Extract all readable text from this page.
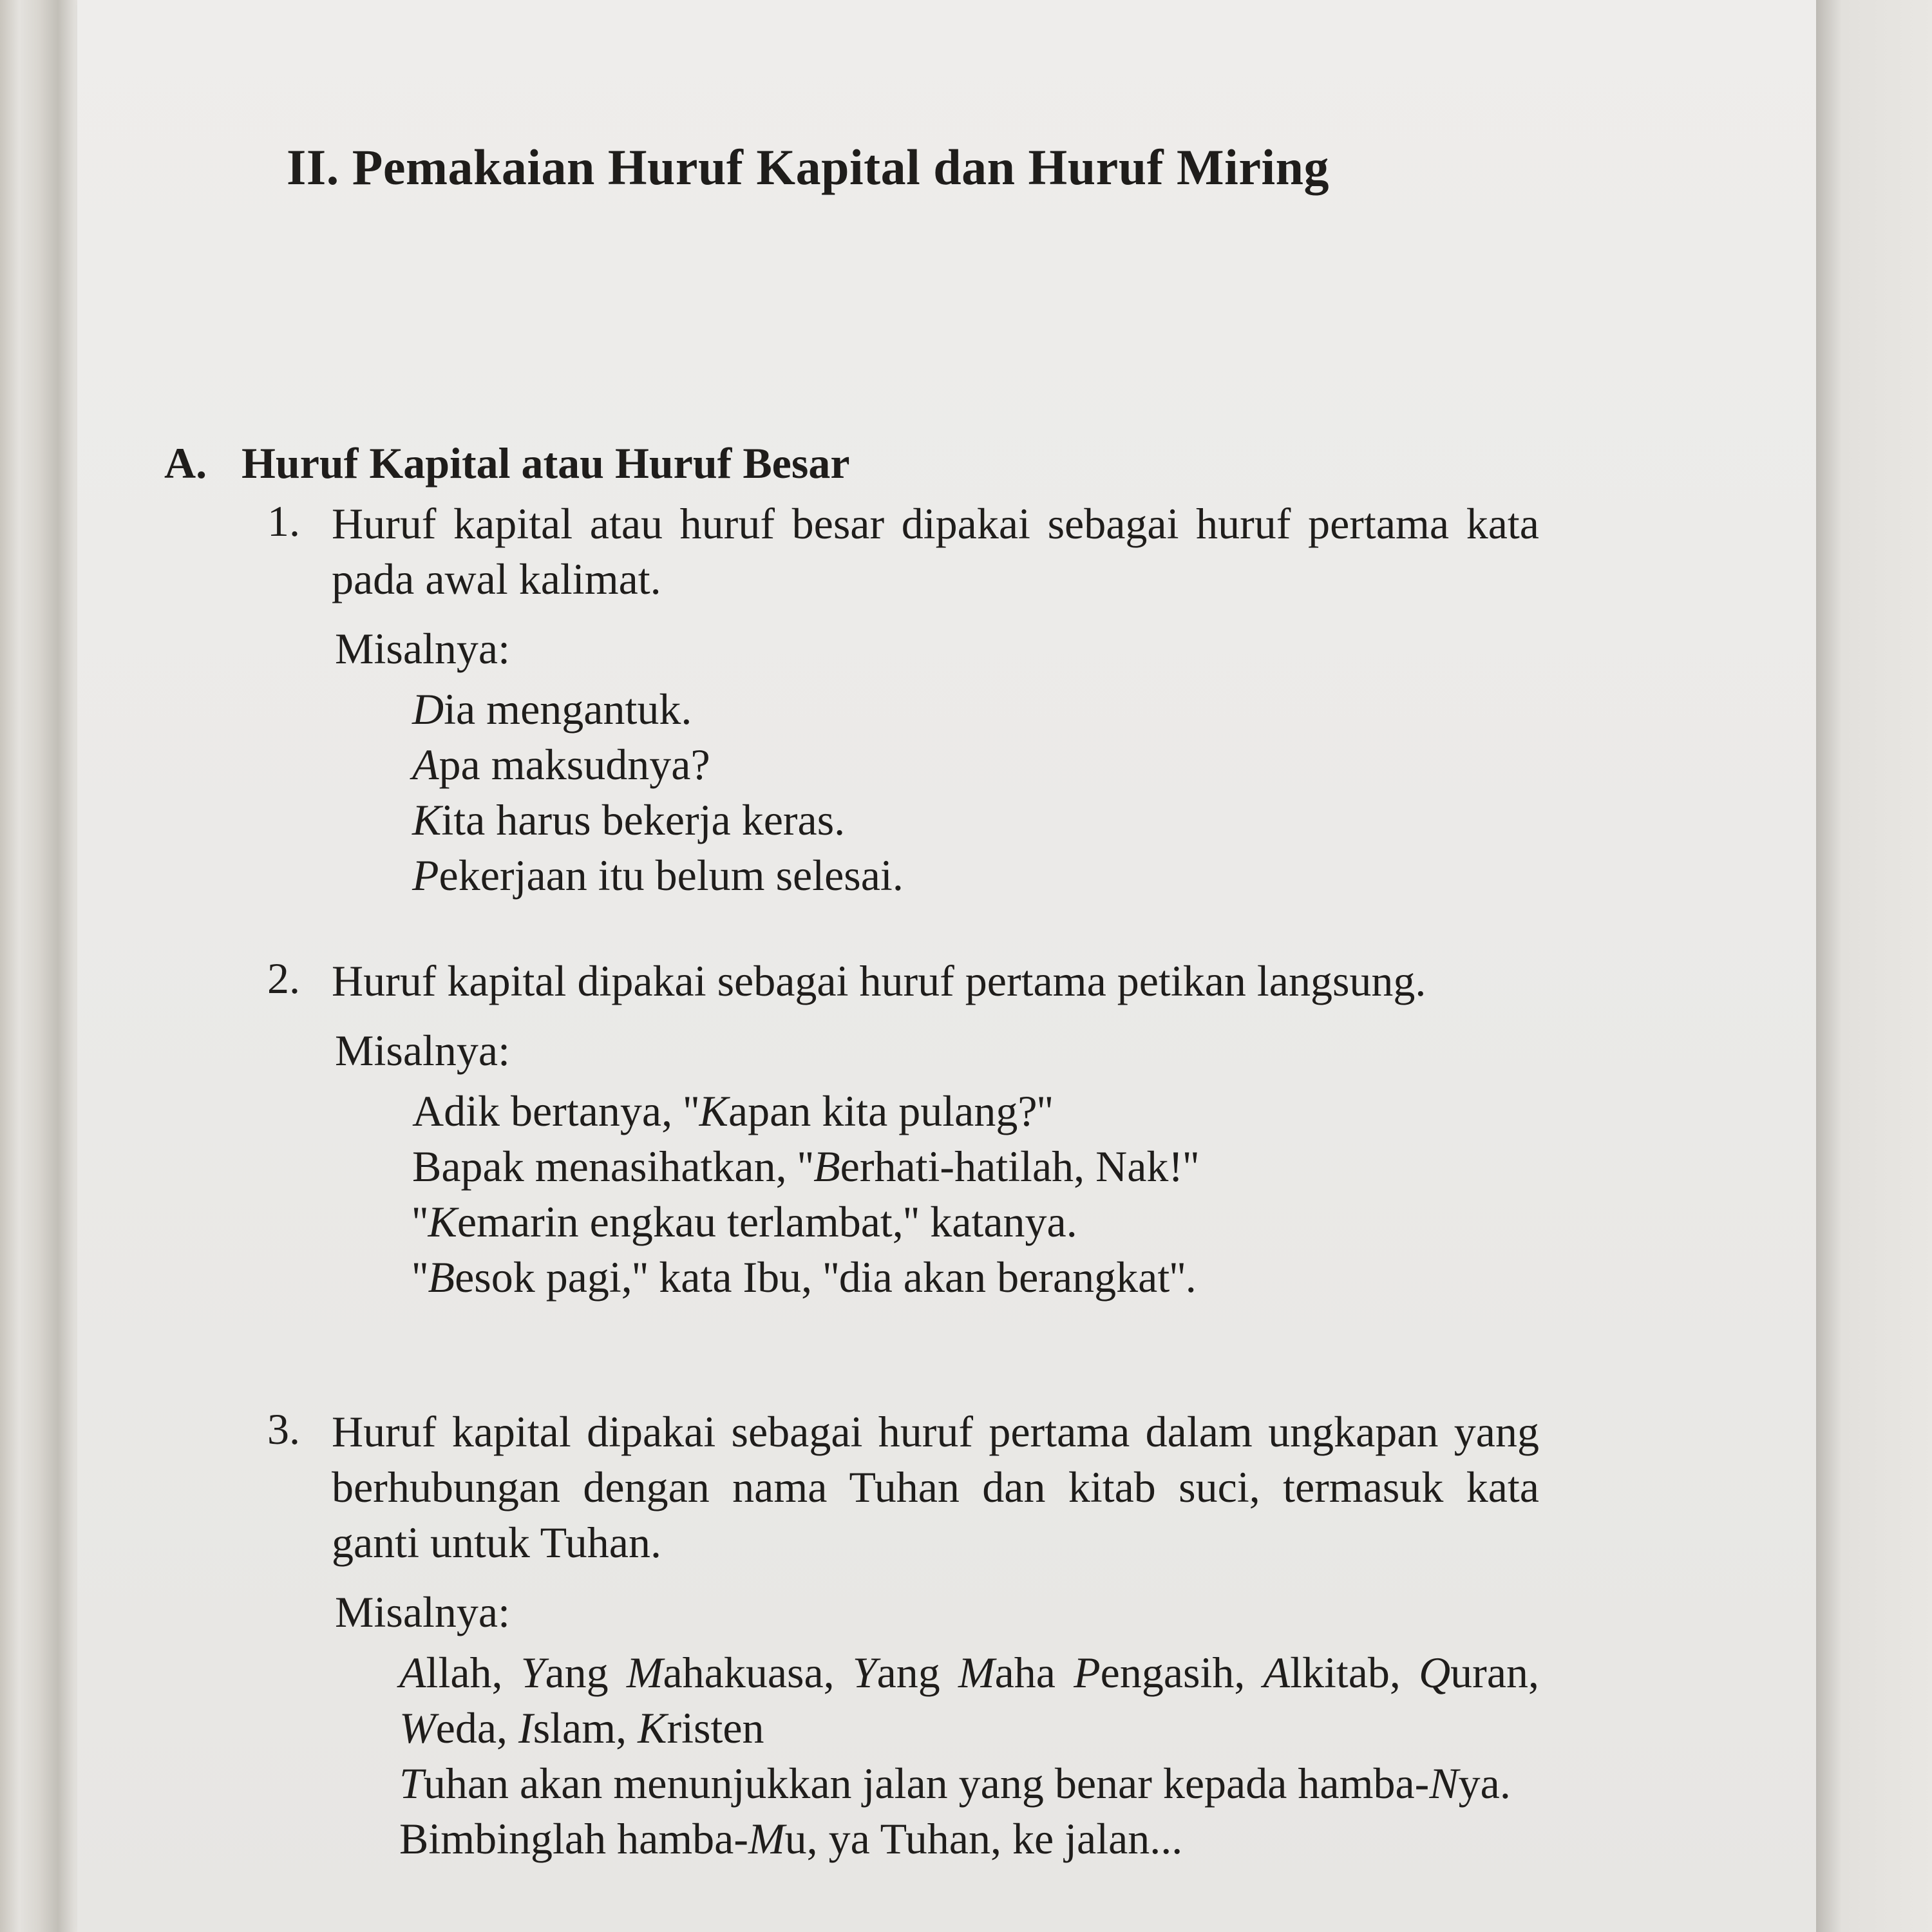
II. Pemakaian Huruf Kapital dan Huruf Miring
A. Huruf Kapital atau Huruf Besar
1. Huruf kapital atau huruf besar dipakai sebagai huruf pertama kata pada awal kalimat.

Misalnya:
Dia mengantuk.
Apa maksudnya?
Kita harus bekerja keras.
Pekerjaan itu belum selesai.
2. Huruf kapital dipakai sebagai huruf pertama petikan langsung.

Misalnya:
Adik bertanya, ''Kapan kita pulang?''
Bapak menasihatkan, ''Berhati-hatilah, Nak!''
''Kemarin engkau terlambat,'' katanya.
''Besok pagi,'' kata Ibu, ''dia akan berangkat''.
3. Huruf kapital dipakai sebagai huruf pertama dalam ungkapan yang berhubungan dengan nama Tuhan dan kitab suci, termasuk kata ganti untuk Tuhan.

Misalnya:
Allah, Yang Mahakuasa, Yang Maha Pengasih, Alkitab, Quran, Weda, Islam, Kristen
Tuhan akan menunjukkan jalan yang benar kepada hamba-Nya.
Bimbinglah hamba-Mu, ya Tuhan, ke jalan...
